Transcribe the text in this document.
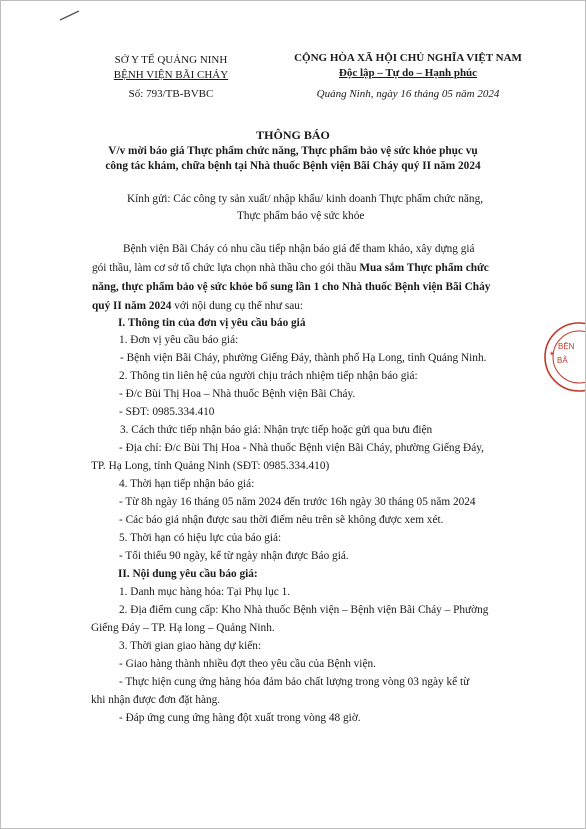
SỞ Y TẾ QUẢNG NINH
BỆNH VIỆN BÃI CHÁY
Số: 793/TB-BVBC
CỘNG HÒA XÃ HỘI CHỦ NGHĨA VIỆT NAM
Độc lập – Tự do – Hạnh phúc
Quảng Ninh, ngày 16 tháng 05 năm 2024
THÔNG BÁO
V/v mời báo giá Thực phẩm chức năng, Thực phẩm bảo vệ sức khỏe phục vụ
công tác khám, chữa bệnh tại Nhà thuốc Bệnh viện Bãi Cháy quý II năm 2024
Kính gửi: Các công ty sản xuất/ nhập khẩu/ kinh doanh Thực phẩm chức năng,
Thực phẩm bảo vệ sức khỏe
Bệnh viện Bãi Cháy có nhu cầu tiếp nhận báo giá để tham khảo, xây dựng giá
gói thầu, làm cơ sở tổ chức lựa chọn nhà thầu cho gói thầu Mua sắm Thực phẩm chức
năng, thực phẩm bảo vệ sức khỏe bổ sung lần 1 cho Nhà thuốc Bệnh viện Bãi Cháy
quý II năm 2024 với nội dung cụ thể như sau:
I. Thông tin của đơn vị yêu cầu báo giá
1. Đơn vị yêu cầu báo giá:
- Bệnh viện Bãi Cháy, phường Giếng Đáy, thành phố Hạ Long, tỉnh Quảng Ninh.
2. Thông tin liên hệ của người chịu trách nhiệm tiếp nhận báo giá:
- Đ/c Bùi Thị Hoa – Nhà thuốc Bệnh viện Bãi Cháy.
- SĐT: 0985.334.410
3. Cách thức tiếp nhận báo giá: Nhận trực tiếp hoặc gửi qua bưu điện
- Địa chỉ: Đ/c Bùi Thị Hoa - Nhà thuốc Bệnh viện Bãi Cháy, phường Giếng Đáy,
TP. Hạ Long, tỉnh Quảng Ninh (SĐT: 0985.334.410)
4. Thời hạn tiếp nhận báo giá:
- Từ 8h ngày 16 tháng 05 năm 2024 đến trước 16h ngày 30 tháng 05 năm 2024
- Các báo giá nhận được sau thời điểm nêu trên sẽ không được xem xét.
5. Thời hạn có hiệu lực của báo giá:
- Tối thiểu 90 ngày, kể từ ngày nhận được Báo giá.
II. Nội dung yêu cầu báo giá:
1. Danh mục hàng hóa: Tại Phụ lục 1.
2. Địa điểm cung cấp: Kho Nhà thuốc Bệnh viện – Bệnh viện Bãi Cháy – Phường
Giếng Đáy – TP. Hạ long – Quảng Ninh.
3. Thời gian giao hàng dự kiến:
- Giao hàng thành nhiều đợt theo yêu cầu của Bệnh viện.
- Thực hiện cung ứng hàng hóa đảm bảo chất lượng trong vòng 03 ngày kể từ
khi nhận được đơn đặt hàng.
- Đáp ứng cung ứng hàng đột xuất trong vòng 48 giờ.
BỆN
BÃ
✶
